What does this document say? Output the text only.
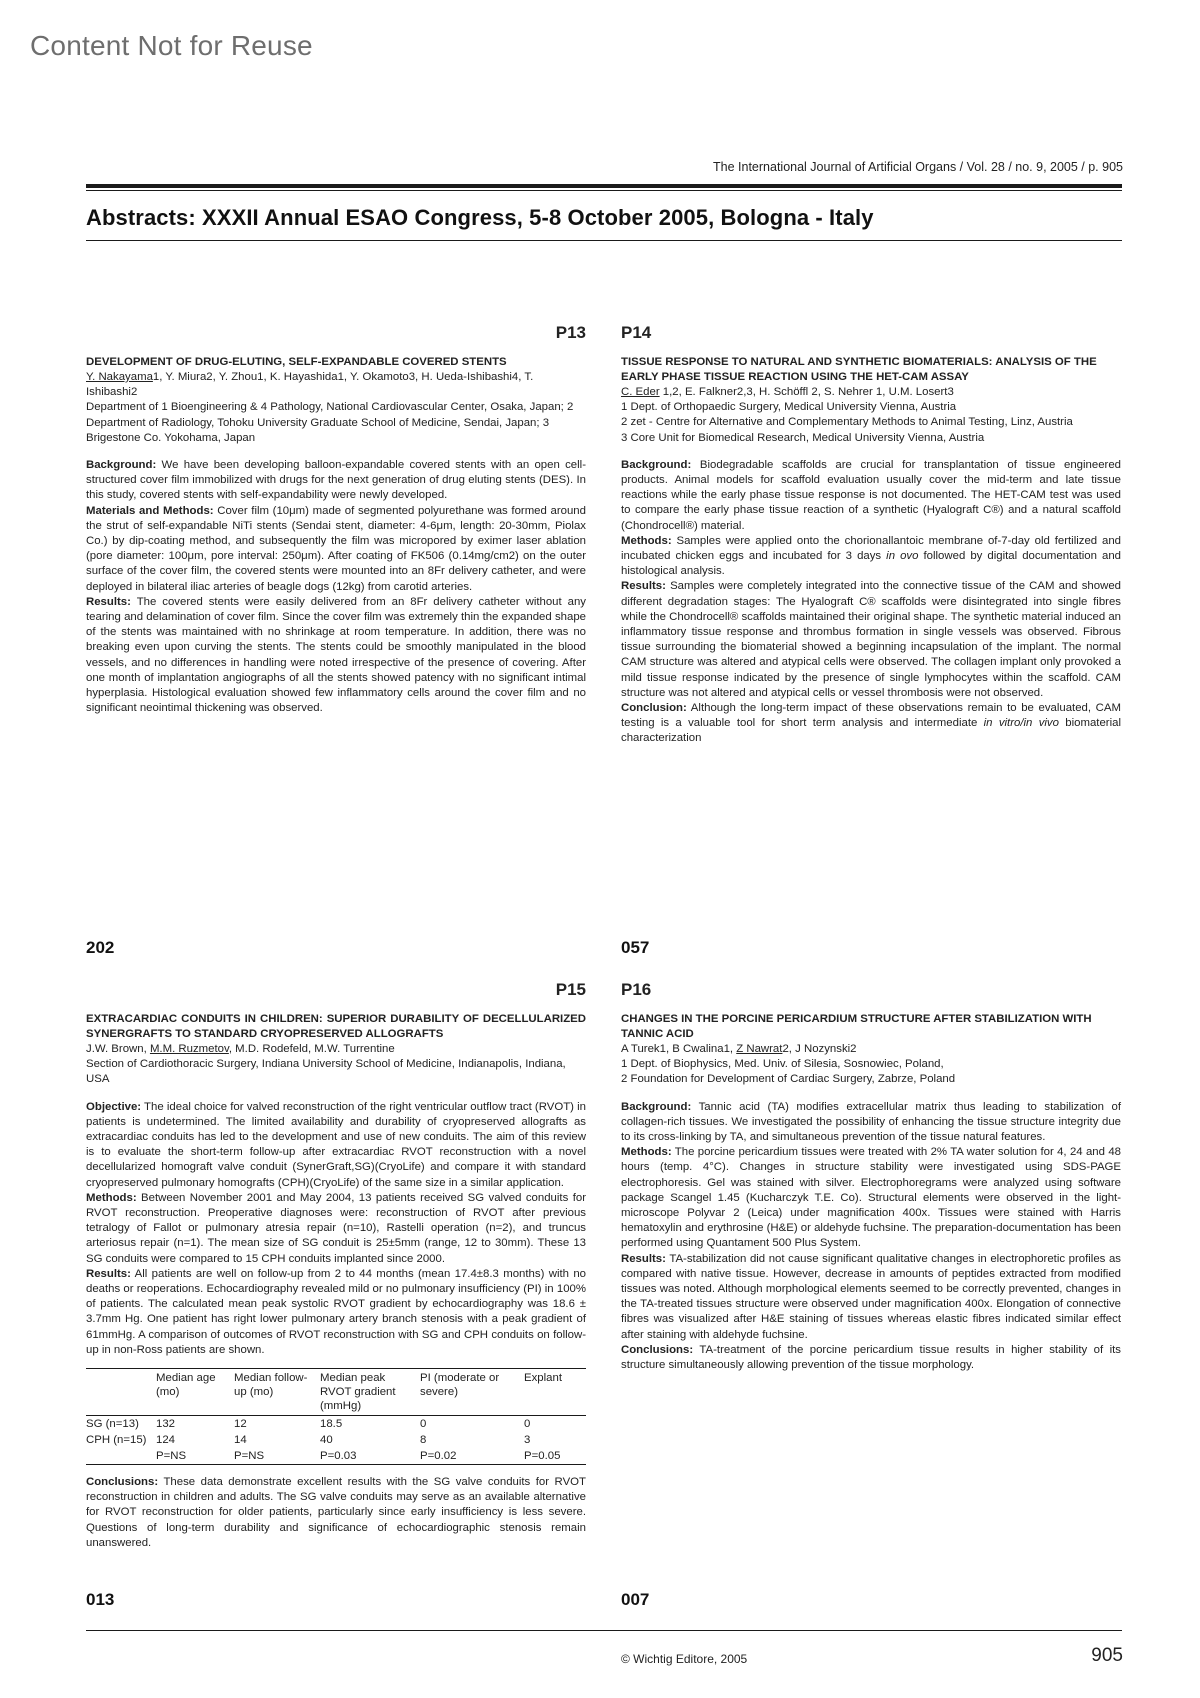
Content Not for Reuse
The International Journal of Artificial Organs / Vol. 28 / no. 9, 2005 / p. 905
Abstracts: XXXII Annual ESAO Congress, 5-8 October 2005, Bologna - Italy
P13
DEVELOPMENT OF DRUG-ELUTING, SELF-EXPANDABLE COVERED STENTS
Y. Nakayama1, Y. Miura2, Y. Zhou1, K. Hayashida1, Y. Okamoto3, H. Ueda-Ishibashi4, T. Ishibashi2
Department of 1 Bioengineering & 4 Pathology, National Cardiovascular Center, Osaka, Japan; 2 Department of Radiology, Tohoku University Graduate School of Medicine, Sendai, Japan; 3 Brigestone Co. Yokohama, Japan

Background: We have been developing balloon-expandable covered stents with an open cell-structured cover film immobilized with drugs for the next generation of drug eluting stents (DES). In this study, covered stents with self-expandability were newly developed.

Materials and Methods: Cover film (10μm) made of segmented polyurethane was formed around the strut of self-expandable NiTi stents (Sendai stent, diameter: 4-6μm, length: 20-30mm, Piolax Co.) by dip-coating method, and subsequently the film was micropored by eximer laser ablation (pore diameter: 100μm, pore interval: 250μm). After coating of FK506 (0.14mg/cm2) on the outer surface of the cover film, the covered stents were mounted into an 8Fr delivery catheter, and were deployed in bilateral iliac arteries of beagle dogs (12kg) from carotid arteries.

Results: The covered stents were easily delivered from an 8Fr delivery catheter without any tearing and delamination of cover film. Since the cover film was extremely thin the expanded shape of the stents was maintained with no shrinkage at room temperature. In addition, there was no breaking even upon curving the stents. The stents could be smoothly manipulated in the blood vessels, and no differences in handling were noted irrespective of the presence of covering. After one month of implantation angiographs of all the stents showed patency with no significant intimal hyperplasia. Histological evaluation showed few inflammatory cells around the cover film and no significant neointimal thickening was observed.

202
P14
TISSUE RESPONSE TO NATURAL AND SYNTHETIC BIOMATERIALS: ANALYSIS OF THE EARLY PHASE TISSUE REACTION USING THE HET-CAM ASSAY
C. Eder 1,2, E. Falkner2,3, H. Schöffl 2, S. Nehrer 1, U.M. Losert3
1 Dept. of Orthopaedic Surgery, Medical University Vienna, Austria
2 zet - Centre for Alternative and Complementary Methods to Animal Testing, Linz, Austria
3 Core Unit for Biomedical Research, Medical University Vienna, Austria

Background: Biodegradable scaffolds are crucial for transplantation of tissue engineered products. Animal models for scaffold evaluation usually cover the mid-term and late tissue reactions while the early phase tissue response is not documented. The HET-CAM test was used to compare the early phase tissue reaction of a synthetic (Hyalograft C®) and a natural scaffold (Chondrocell®) material.

Methods: Samples were applied onto the chorionallantoic membrane of-7-day old fertilized and incubated chicken eggs and incubated for 3 days in ovo followed by digital documentation and histological analysis.

Results: Samples were completely integrated into the connective tissue of the CAM and showed different degradation stages: The Hyalograft C® scaffolds were disintegrated into single fibres while the Chondrocell® scaffolds maintained their original shape. The synthetic material induced an inflammatory tissue response and thrombus formation in single vessels was observed. Fibrous tissue surrounding the biomaterial showed a beginning incapsulation of the implant. The normal CAM structure was altered and atypical cells were observed. The collagen implant only provoked a mild tissue response indicated by the presence of single lymphocytes within the scaffold. CAM structure was not altered and atypical cells or vessel thrombosis were not observed.

Conclusion: Although the long-term impact of these observations remain to be evaluated, CAM testing is a valuable tool for short term analysis and intermediate in vitro/in vivo biomaterial characterization

057
P15
EXTRACARDIAC CONDUITS IN CHILDREN: SUPERIOR DURABILITY OF DECELLULARIZED SYNERGRAFTS TO STANDARD CRYOPRESERVED ALLOGRAFTS
J.W. Brown, M.M. Ruzmetov, M.D. Rodefeld, M.W. Turrentine
Section of Cardiothoracic Surgery, Indiana University School of Medicine, Indianapolis, Indiana, USA

Objective: The ideal choice for valved reconstruction of the right ventricular outflow tract (RVOT) in patients is undetermined. The limited availability and durability of cryopreserved allografts as extracardiac conduits has led to the development and use of new conduits. The aim of this review is to evaluate the short-term follow-up after extracardiac RVOT reconstruction with a novel decellularized homograft valve conduit (SynerGraft,SG)(CryoLife) and compare it with standard cryopreserved pulmonary homografts (CPH)(CryoLife) of the same size in a similar application.

Methods: Between November 2001 and May 2004, 13 patients received SG valved conduits for RVOT reconstruction. Preoperative diagnoses were: reconstruction of RVOT after previous tetralogy of Fallot or pulmonary atresia repair (n=10), Rastelli operation (n=2), and truncus arteriosus repair (n=1). The mean size of SG conduit is 25±5mm (range, 12 to 30mm). These 13 SG conduits were compared to 15 CPH conduits implanted since 2000.

Results: All patients are well on follow-up from 2 to 44 months (mean 17.4±8.3 months) with no deaths or reoperations. Echocardiography revealed mild or no pulmonary insufficiency (PI) in 100% of patients. The calculated mean peak systolic RVOT gradient by echocardiography was 18.6 ± 3.7mm Hg. One patient has right lower pulmonary artery branch stenosis with a peak gradient of 61mmHg. A comparison of outcomes of RVOT reconstruction with SG and CPH conduits on follow-up in non-Ross patients are shown.

	Median age (mo)	Median follow-up (mo)	Median peak RVOT gradient (mmHg)	PI (moderate or severe)	Explant
SG (n=13)	132	12	18.5	0	0
CPH (n=15)	124	14	40	8	3
	P=NS	P=NS	P=0.03	P=0.02	P=0.05

Conclusions: These data demonstrate excellent results with the SG valve conduits for RVOT reconstruction in children and adults. The SG valve conduits may serve as an available alternative for RVOT reconstruction for older patients, particularly since early insufficiency is less severe. Questions of long-term durability and significance of echocardiographic stenosis remain unanswered.

013
P16
CHANGES IN THE PORCINE PERICARDIUM STRUCTURE AFTER STABILIZATION WITH TANNIC ACID
A Turek1, B Cwalina1, Z Nawrat2, J Nozynski2
1 Dept. of Biophysics, Med. Univ. of Silesia, Sosnowiec, Poland,
2 Foundation for Development of Cardiac Surgery, Zabrze, Poland

Background: Tannic acid (TA) modifies extracellular matrix thus leading to stabilization of collagen-rich tissues. We investigated the possibility of enhancing the tissue structure integrity due to its cross-linking by TA, and simultaneous prevention of the tissue natural features.

Methods: The porcine pericardium tissues were treated with 2% TA water solution for 4, 24 and 48 hours (temp. 4°C). Changes in structure stability were investigated using SDS-PAGE electrophoresis. Gel was stained with silver. Electrophoregrams were analyzed using software package Scangel 1.45 (Kucharczyk T.E. Co). Structural elements were observed in the light-microscope Polyvar 2 (Leica) under magnification 400x. Tissues were stained with Harris hematoxylin and erythrosine (H&E) or aldehyde fuchsine. The preparation-documentation has been performed using Quantament 500 Plus System.

Results: TA-stabilization did not cause significant qualitative changes in electrophoretic profiles as compared with native tissue. However, decrease in amounts of peptides extracted from modified tissues was noted. Although morphological elements seemed to be correctly prevented, changes in the TA-treated tissues structure were observed under magnification 400x. Elongation of connective fibres was visualized after H&E staining of tissues whereas elastic fibres indicated similar effect after staining with aldehyde fuchsine.

Conclusions: TA-treatment of the porcine pericardium tissue results in higher stability of its structure simultaneously allowing prevention of the tissue morphology.

007
© Wichtig Editore, 2005	905
